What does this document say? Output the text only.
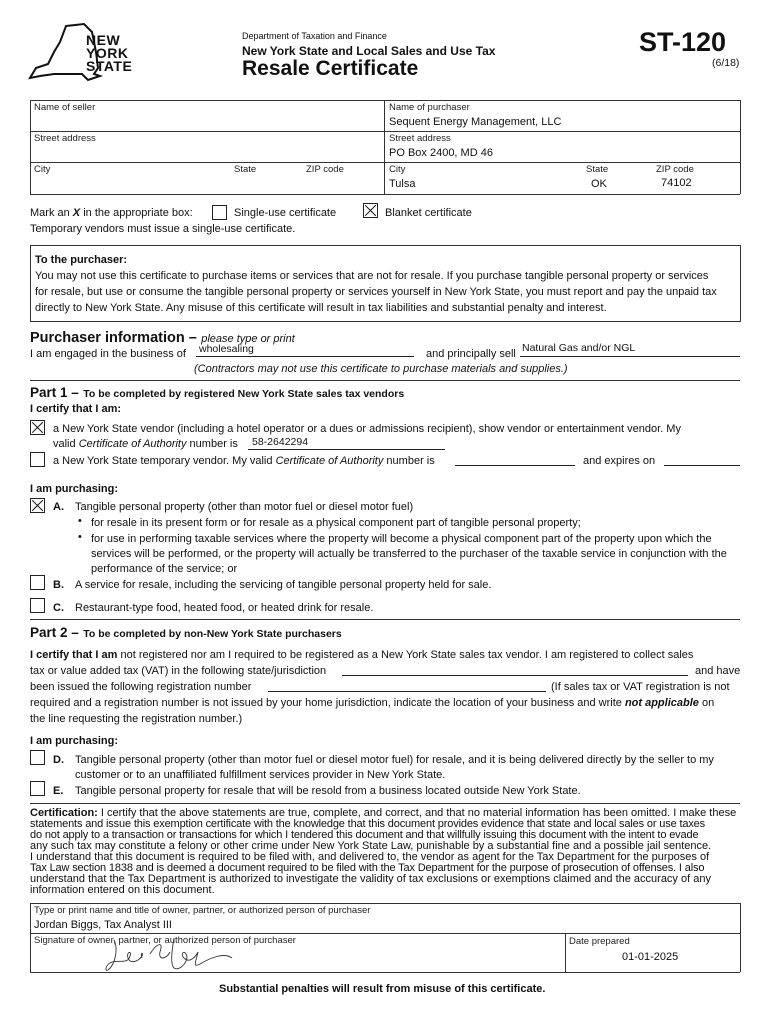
NEW
YORK
STATE
Department of Taxation and Finance
New York State and Local Sales and Use Tax
Resale Certificate
ST-120
(6/18)
Name of seller
Street address
City	State	ZIP code
Name of purchaser
Sequent Energy Management, LLC
Street address
PO Box 2400, MD 46
City
Tulsa
State
OK
ZIP code
74102
Mark an X in the appropriate box:	Single-use certificate	Blanket certificate
Temporary vendors must issue a single-use certificate.
To the purchaser:
You may not use this certificate to purchase items or services that are not for resale. If you purchase tangible personal property or services
for resale, but use or consume the tangible personal property or services yourself in New York State, you must report and pay the unpaid tax
directly to New York State. Any misuse of this certificate will result in tax liabilities and substantial penalty and interest.
Purchaser information – please type or print
I am engaged in the business of wholesaling	and principally sell Natural Gas and/or NGL
(Contractors may not use this certificate to purchase materials and supplies.)
Part 1 – To be completed by registered New York State sales tax vendors
I certify that I am:
a New York State vendor (including a hotel operator or a dues or admissions recipient), show vendor or entertainment vendor. My
valid Certificate of Authority number is 58-2642294
a New York State temporary vendor. My valid Certificate of Authority number is	and expires on
I am purchasing:
A. Tangible personal property (other than motor fuel or diesel motor fuel)
• for resale in its present form or for resale as a physical component part of tangible personal property;
• for use in performing taxable services where the property will become a physical component part of the property upon which the
services will be performed, or the property will actually be transferred to the purchaser of the taxable service in conjunction with the
performance of the service; or
B. A service for resale, including the servicing of tangible personal property held for sale.
C. Restaurant-type food, heated food, or heated drink for resale.
Part 2 – To be completed by non-New York State purchasers
I certify that I am not registered nor am I required to be registered as a New York State sales tax vendor. I am registered to collect sales
tax or value added tax (VAT) in the following state/jurisdiction	and have
been issued the following registration number	(If sales tax or VAT registration is not
required and a registration number is not issued by your home jurisdiction, indicate the location of your business and write not applicable on
the line requesting the registration number.)
I am purchasing:
D. Tangible personal property (other than motor fuel or diesel motor fuel) for resale, and it is being delivered directly by the seller to my
customer or to an unaffiliated fulfillment services provider in New York State.
E. Tangible personal property for resale that will be resold from a business located outside New York State.
Certification: I certify that the above statements are true, complete, and correct, and that no material information has been omitted. I make these
statements and issue this exemption certificate with the knowledge that this document provides evidence that state and local sales or use taxes
do not apply to a transaction or transactions for which I tendered this document and that willfully issuing this document with the intent to evade
any such tax may constitute a felony or other crime under New York State Law, punishable by a substantial fine and a possible jail sentence.
I understand that this document is required to be filed with, and delivered to, the vendor as agent for the Tax Department for the purposes of
Tax Law section 1838 and is deemed a document required to be filed with the Tax Department for the purpose of prosecution of offenses. I also
understand that the Tax Department is authorized to investigate the validity of tax exclusions or exemptions claimed and the accuracy of any
information entered on this document.
Type or print name and title of owner, partner, or authorized person of purchaser
Jordan Biggs, Tax Analyst III
Signature of owner, partner, or authorized person of purchaser	Date prepared
01-01-2025
Substantial penalties will result from misuse of this certificate.
